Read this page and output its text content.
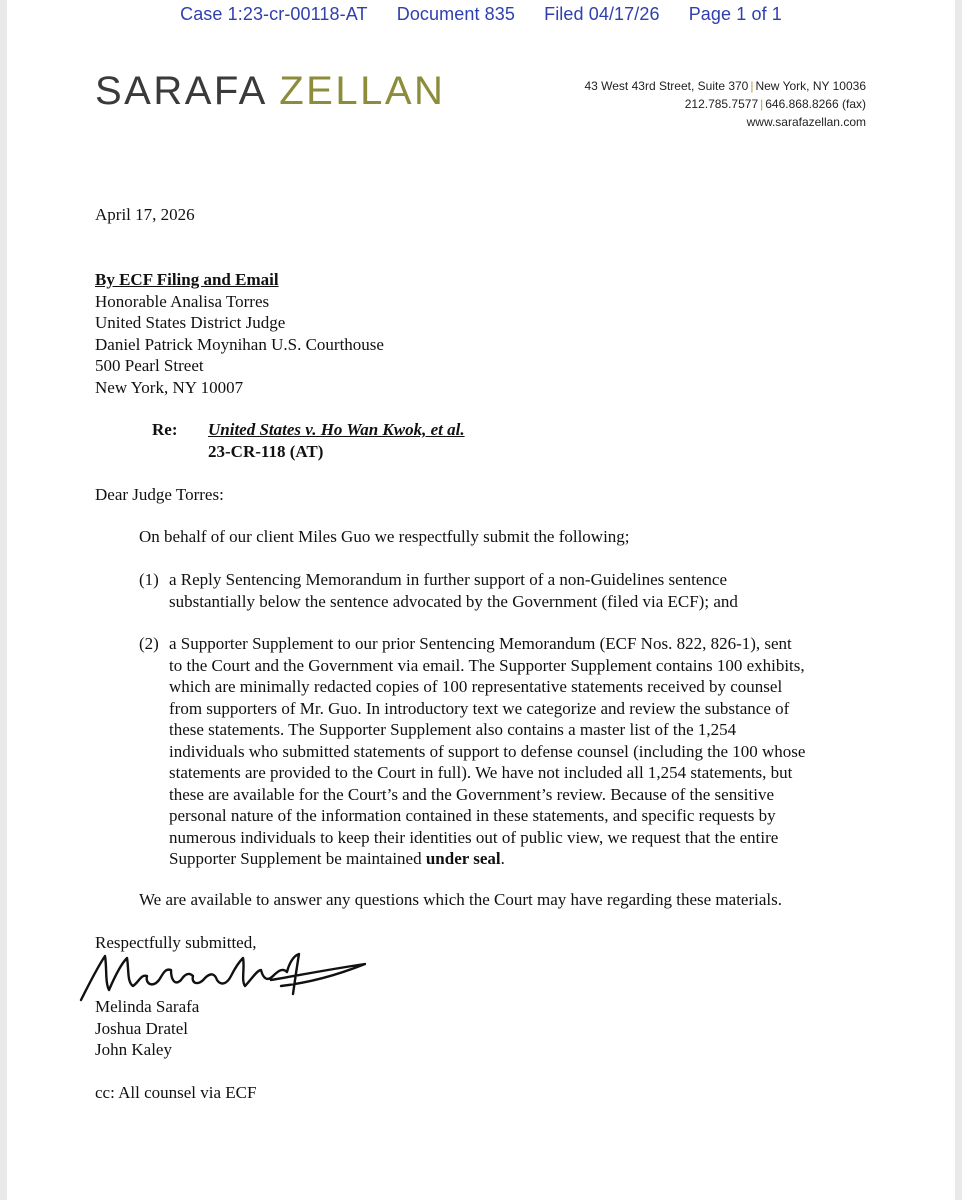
Case 1:23-cr-00118-AT Document 835 Filed 04/17/26 Page 1 of 1
SARAFA ZELLAN	43 West 43rd Street, Suite 370 | New York, NY 10036
212.785.7577 | 646.868.8266 (fax)
www.sarafazellan.com
April 17, 2026
By ECF Filing and Email
Honorable Analisa Torres
United States District Judge
Daniel Patrick Moynihan U.S. Courthouse
500 Pearl Street
New York, NY 10007
Re: United States v. Ho Wan Kwok, et al.
23-CR-118 (AT)
Dear Judge Torres:
On behalf of our client Miles Guo we respectfully submit the following;
(1) a Reply Sentencing Memorandum in further support of a non-Guidelines sentence
substantially below the sentence advocated by the Government (filed via ECF); and
(2) a Supporter Supplement to our prior Sentencing Memorandum (ECF Nos. 822, 826-1), sent
to the Court and the Government via email. The Supporter Supplement contains 100 exhibits,
which are minimally redacted copies of 100 representative statements received by counsel
from supporters of Mr. Guo. In introductory text we categorize and review the substance of
these statements. The Supporter Supplement also contains a master list of the 1,254
individuals who submitted statements of support to defense counsel (including the 100 whose
statements are provided to the Court in full). We have not included all 1,254 statements, but
these are available for the Court’s and the Government’s review. Because of the sensitive
personal nature of the information contained in these statements, and specific requests by
numerous individuals to keep their identities out of public view, we request that the entire
Supporter Supplement be maintained under seal.
We are available to answer any questions which the Court may have regarding these materials.
Respectfully submitted,
Melinda Sarafa
Joshua Dratel
John Kaley
cc: All counsel via ECF
